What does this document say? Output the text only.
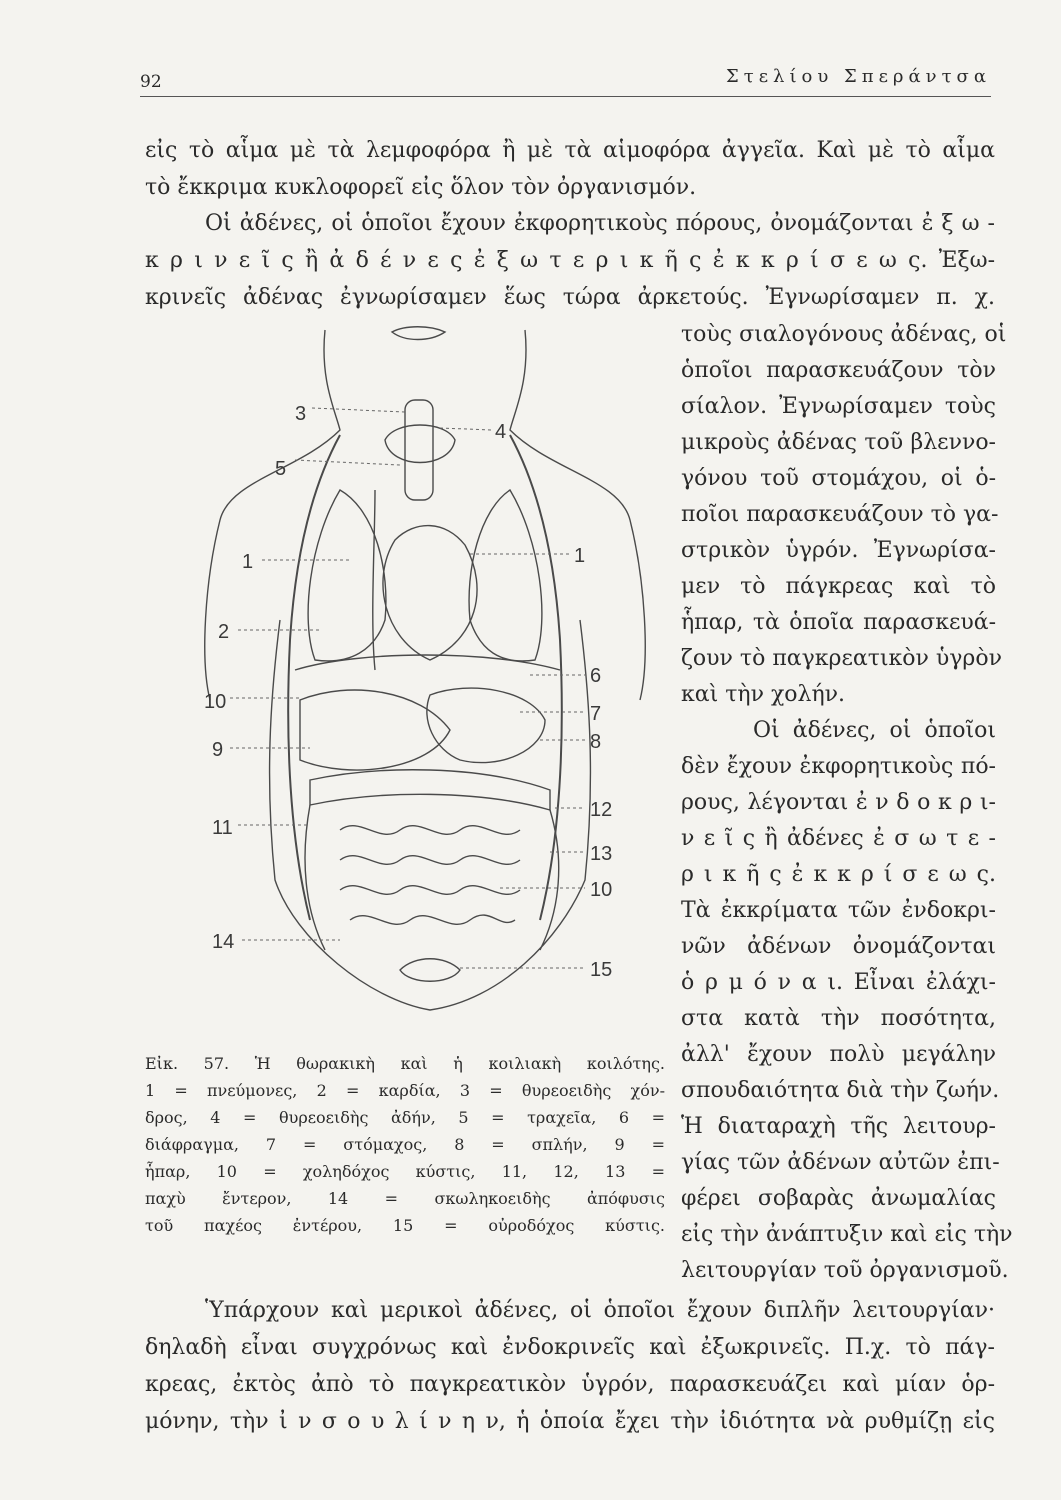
92	Στελίου Σπεράντσα
εἰς τὸ αἷμα μὲ τὰ λεμφοφόρα ἢ μὲ τὰ αἱμοφόρα ἀγγεῖα. Καὶ μὲ τὸ αἷμα
τὸ ἔκκριμα κυκλοφορεῖ εἰς ὅλον τὸν ὀργανισμόν.
Οἱ ἀδένες, οἱ ὁποῖοι ἔχουν ἐκφορητικοὺς πόρους, ὀνομάζονται ἐ ξ ω -
κ ρ ι ν ε ῖ ς ἢ ἀ δ έ ν ε ς ἐ ξ ω τ ε ρ ι κ ῆ ς ἐ κ κ ρ ί σ ε ω ς. Ἐξω-
κρινεῖς ἀδένας ἐγνωρίσαμεν ἕως τώρα ἀρκετούς. Ἐγνωρίσαμεν π. χ.
τοὺς σιαλογόνους ἀδένας, οἱ
ὁποῖοι παρασκευάζουν τὸν
σίαλον. Ἐγνωρίσαμεν τοὺς
μικροὺς ἀδένας τοῦ βλεννο-
γόνου τοῦ στομάχου, οἱ ὁ-
ποῖοι παρασκευάζουν τὸ γα-
στρικὸν ὑγρόν. Ἐγνωρίσα-
μεν τὸ πάγκρεας καὶ τὸ
ἧπαρ, τὰ ὁποῖα παρασκευά-
ζουν τὸ παγκρεατικὸν ὑγρὸν
καὶ τὴν χολήν.
Οἱ ἀδένες, οἱ ὁποῖοι
δὲν ἔχουν ἐκφορητικοὺς πό-
ρους, λέγονται ἐ ν δ ο κ ρ ι-
ν ε ῖ ς ἢ ἀδένες ἐ σ ω τ ε -
ρ ι κ ῆ ς ἐ κ κ ρ ί σ ε ω ς.
Τὰ ἐκκρίματα τῶν ἐνδοκρι-
νῶν ἀδένων ὀνομάζονται
ὁ ρ μ ό ν α ι. Εἶναι ἐλάχι-
στα κατὰ τὴν ποσότητα,
ἀλλ' ἔχουν πολὺ μεγάλην
σπουδαιότητα διὰ τὴν ζωήν.
Ἡ διαταραχὴ τῆς λειτουρ-
γίας τῶν ἀδένων αὐτῶν ἐπι-
φέρει σοβαρὰς ἀνωμαλίας
εἰς τὴν ἀνάπτυξιν καὶ εἰς τὴν
λειτουργίαν τοῦ ὀργανισμοῦ.
3
4
5
1	1
2
6
10
7
9	8
12
11
13
10
14
15
Εἰκ. 57. Ἡ θωρακικὴ καὶ ἡ κοιλιακὴ κοιλότης.
1 = πνεύμονες, 2 = καρδία, 3 = θυρεοειδὴς χόν-
δρος, 4 = θυρεοειδὴς ἀδήν, 5 = τραχεῖα, 6 =
διάφραγμα, 7 = στόμαχος, 8 = σπλήν, 9 =
ἧπαρ, 10 = χοληδόχος κύστις, 11, 12, 13 =
παχὺ ἔντερον, 14 = σκωληκοειδὴς ἀπόφυσις
τοῦ παχέος ἐντέρου, 15 = οὐροδόχος κύστις.
Ὑπάρχουν καὶ μερικοὶ ἀδένες, οἱ ὁποῖοι ἔχουν διπλῆν λειτουργίαν·
δηλαδὴ εἶναι συγχρόνως καὶ ἐνδοκρινεῖς καὶ ἐξωκρινεῖς. Π.χ. τὸ πάγ-
κρεας, ἐκτὸς ἀπὸ τὸ παγκρεατικὸν ὑγρόν, παρασκευάζει καὶ μίαν ὁρ-
μόνην, τὴν ἰ ν σ ο υ λ ί ν η ν, ἡ ὁποία ἔχει τὴν ἰδιότητα νὰ ρυθμίζῃ εἰς
